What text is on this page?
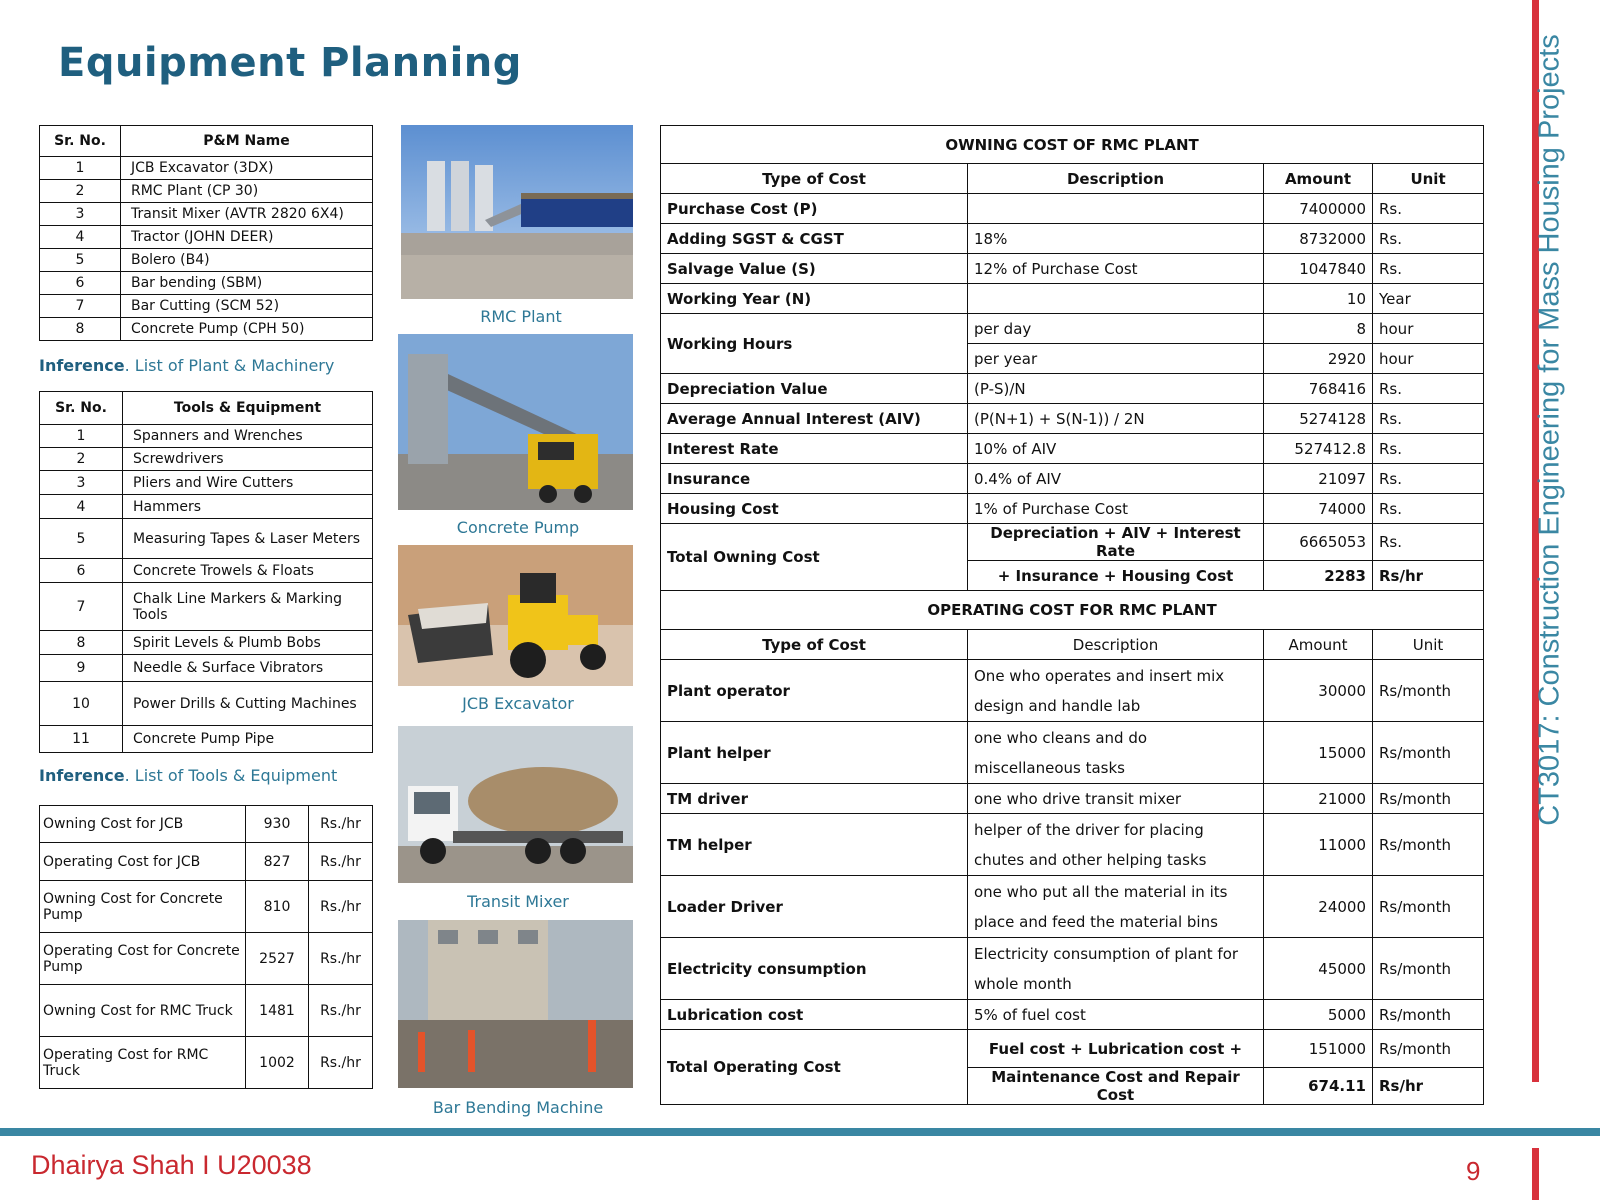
Equipment Planning	CT3017: Construction Engineering for Mass Housing Projects
Dhairya Shah I U20038	9
Sr. No.	P&M Name
1	JCB Excavator (3DX)
2	RMC Plant (CP 30)
3	Transit Mixer (AVTR 2820 6X4)
4	Tractor (JOHN DEER)
5	Bolero (B4)
6	Bar bending (SBM)
7	Bar Cutting (SCM 52)
8	Concrete Pump (CPH 50)
Inference. List of Plant & Machinery
Sr. No.	Tools & Equipment
1	Spanners and Wrenches
2	Screwdrivers
3	Pliers and Wire Cutters
4	Hammers
5	Measuring Tapes & Laser Meters
6	Concrete Trowels & Floats
7	Chalk Line Markers & Marking Tools
8	Spirit Levels & Plumb Bobs
9	Needle & Surface Vibrators
10	Power Drills & Cutting Machines
11	Concrete Pump Pipe
Inference. List of Tools & Equipment
Owning Cost for JCB	930	Rs./hr
Operating Cost for JCB	827	Rs./hr
Owning Cost for Concrete Pump	810	Rs./hr
Operating Cost for Concrete Pump	2527	Rs./hr
Owning Cost for RMC Truck	1481	Rs./hr
Operating Cost for RMC Truck	1002	Rs./hr
RMC Plant
Concrete Pump
JCB Excavator
Transit Mixer
Bar Bending Machine
OWNING COST OF RMC PLANT			
Type of Cost	Description	Amount	Unit
Purchase Cost (P)		7400000	Rs.
Adding SGST & CGST	18%	8732000	Rs.
Salvage Value (S)	12% of Purchase Cost	1047840	Rs.
Working Year (N)		10	Year
Working Hours	per day	8	hour
	per year	2920	hour
Depreciation Value	(P-S)/N	768416	Rs.
Average Annual Interest (AIV)	(P(N+1) + S(N-1)) / 2N	5274128	Rs.
Interest Rate	10% of AIV	527412.8	Rs.
Insurance	0.4% of AIV	21097	Rs.
Housing Cost	1% of Purchase Cost	74000	Rs.
Total Owning Cost	Depreciation + AIV + Interest Rate	6665053	Rs.
	+ Insurance + Housing Cost	2283	Rs/hr
OPERATING COST FOR RMC PLANT			
Type of Cost	Description	Amount	Unit
Plant operator	One who operates and insert mix design and handle lab	30000	Rs/month
Plant helper	one who cleans and do miscellaneous tasks	15000	Rs/month
TM driver	one who drive transit mixer	21000	Rs/month
TM helper	helper of the driver for placing chutes and other helping tasks	11000	Rs/month
Loader Driver	one who put all the material in its place and feed the material bins	24000	Rs/month
Electricity consumption	Electricity consumption of plant for whole month	45000	Rs/month
Lubrication cost	5% of fuel cost	5000	Rs/month
Total Operating Cost	Fuel cost + Lubrication cost +	151000	Rs/month
	Maintenance Cost and Repair Cost	674.11	Rs/hr
